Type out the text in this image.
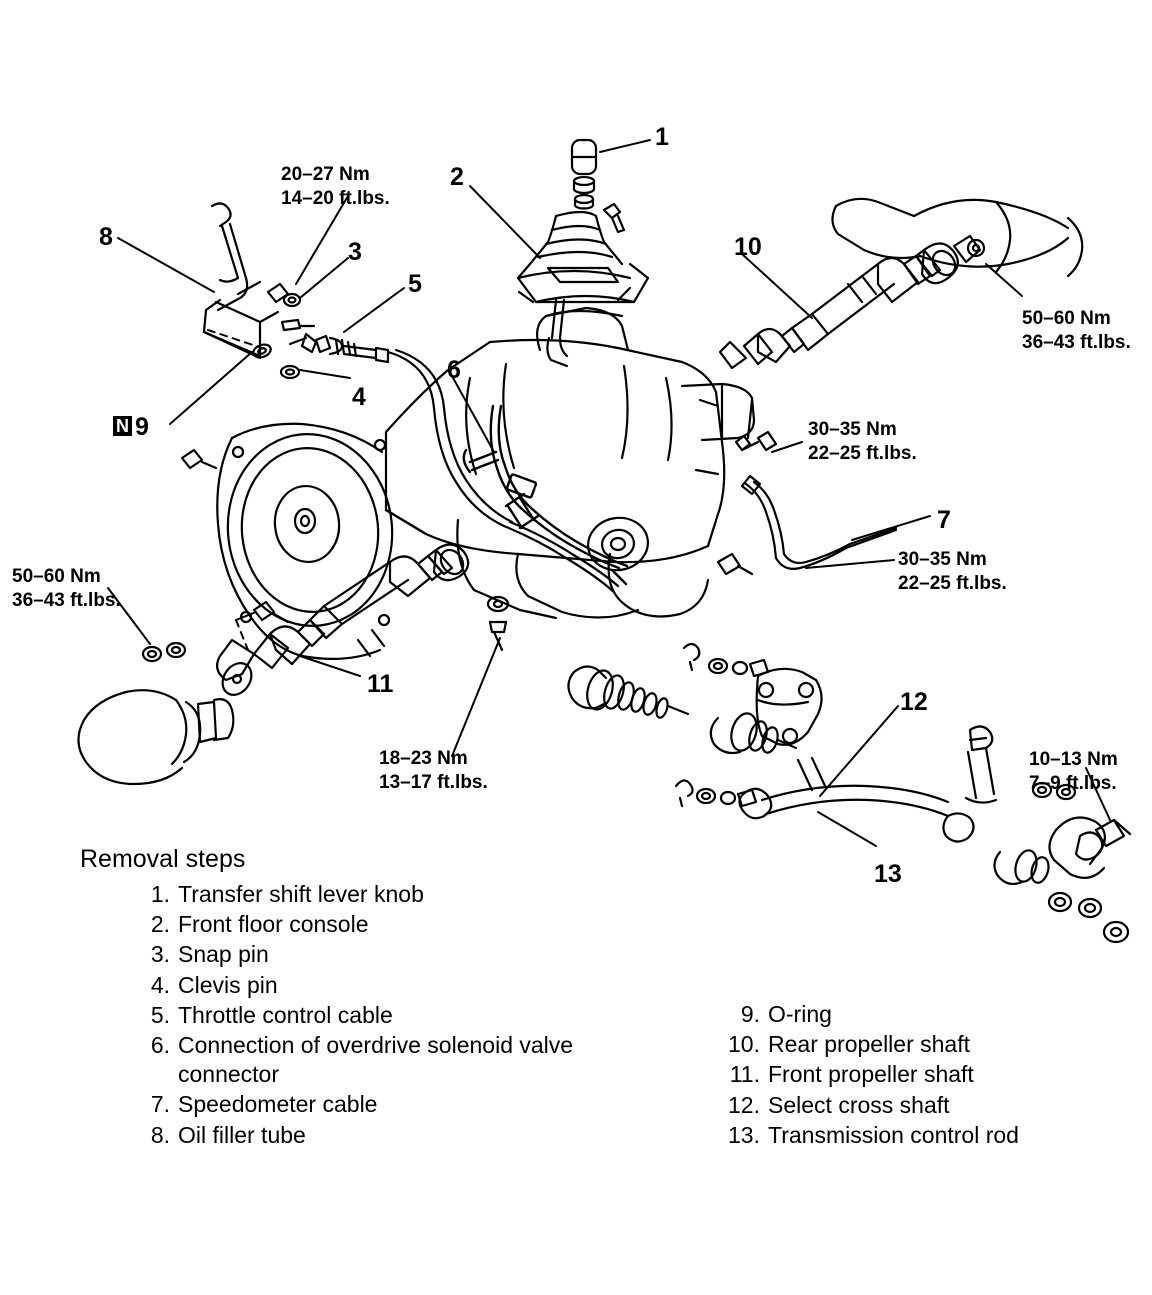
1
2
3
4
5
6
7
8	10
11
12
13
N 9
20–27 Nm
14–20 ft.lbs.
50–60 Nm
36–43 ft.lbs.
30–35 Nm
22–25 ft.lbs.
30–35 Nm
22–25 ft.lbs.
50–60 Nm
36–43 ft.lbs.
18–23 Nm
13–17 ft.lbs.
10–13 Nm
7–9 ft.lbs.
Removal steps
1. Transfer shift lever knob
2. Front floor console
3. Snap pin
4. Clevis pin
5. Throttle control cable
6. Connection of overdrive solenoid valve connector
7. Speedometer cable
8. Oil filler tube
9. O-ring
10. Rear propeller shaft
11. Front propeller shaft
12. Select cross shaft
13. Transmission control rod
